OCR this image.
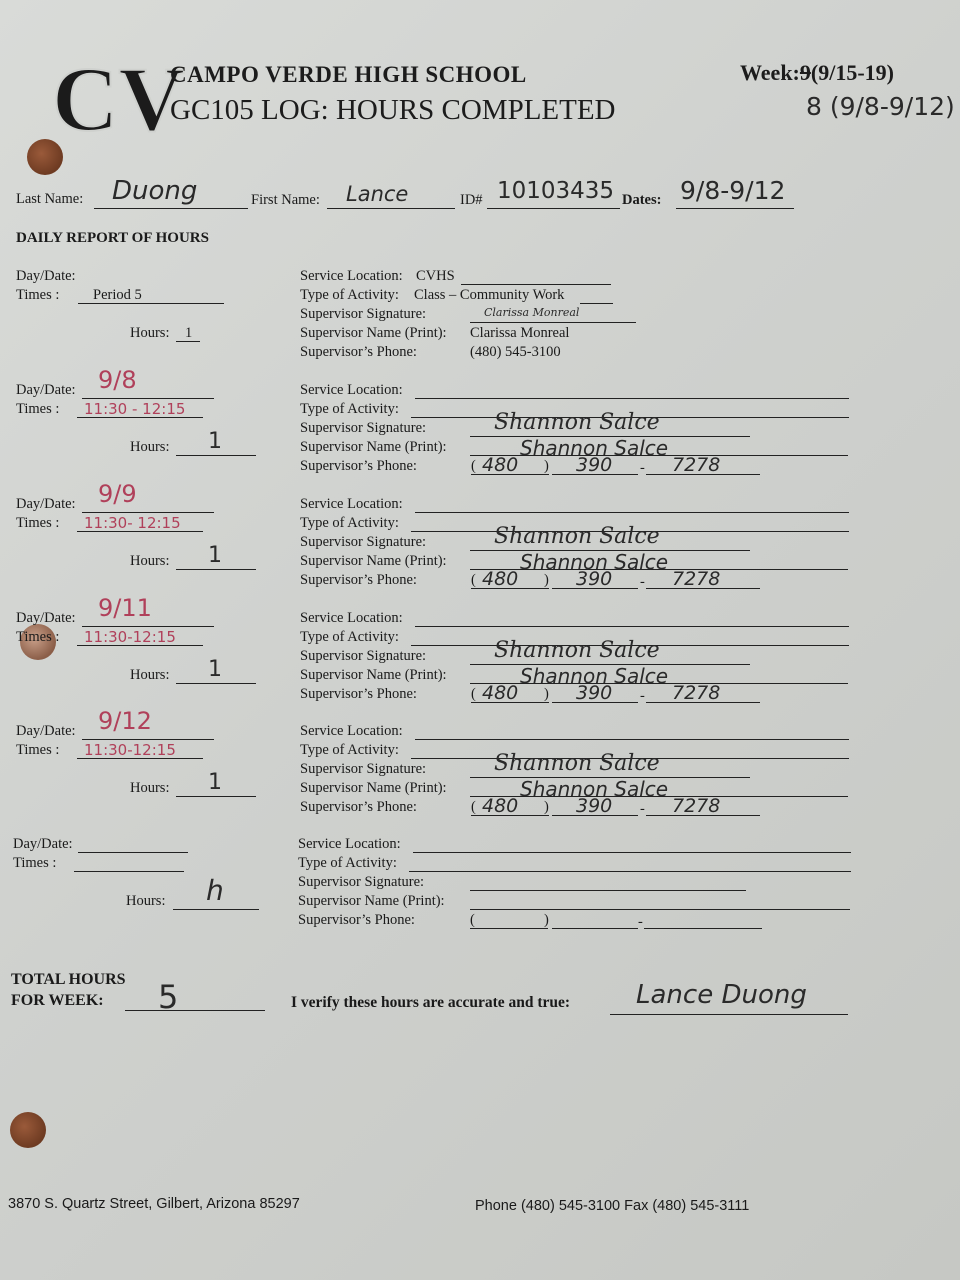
CV
CAMPO VERDE HIGH SCHOOL
GC105 LOG: HOURS COMPLETED
Week:9(9/15-19)
8 (9/8-9/12)
Last Name: Duong	First Name: Lance	ID# 10103435 Dates: 9/8-9/12
DAILY REPORT OF HOURS
Day/Date:
Times : Period 5
Hours: 1
Service Location: CVHS
Type of Activity: Class – Community Work
Supervisor Signature:	Clarissa Monreal
Supervisor Name (Print): Clarissa Monreal
Supervisor’s Phone:	(480) 545-3100
Day/Date: 9/8
Times : 11:30 - 12:15
Hours: 1
Service Location:
Type of Activity:
Supervisor Signature:	Shannon Salce
Supervisor Name (Print):	Shannon Salce
Supervisor’s Phone:	( 480 ) 390 - 7278
Day/Date: 9/9
Times : 11:30- 12:15
Hours: 1
Service Location:
Type of Activity:
Supervisor Signature:	Shannon Salce
Supervisor Name (Print):	Shannon Salce
Supervisor’s Phone:	( 480 ) 390 - 7278
Day/Date: 9/11
Times : 11:30-12:15
Hours: 1
Service Location:
Type of Activity:
Supervisor Signature:	Shannon Salce
Supervisor Name (Print):	Shannon Salce
Supervisor’s Phone:	( 480 ) 390 - 7278
Day/Date: 9/12
Times : 11:30-12:15
Hours: 1
Service Location:
Type of Activity:
Supervisor Signature:	Shannon Salce
Supervisor Name (Print):	Shannon Salce
Supervisor’s Phone:	( 480 ) 390 - 7278
Day/Date:
Times :
Hours: ℎ
Service Location:
Type of Activity:
Supervisor Signature:
Supervisor Name (Print):
Supervisor’s Phone:	(	)	-
TOTAL HOURS
FOR WEEK: 5	I verify these hours are accurate and true:	Lance Duong
3870 S. Quartz Street, Gilbert, Arizona 85297	Phone (480) 545-3100 Fax (480) 545-3111
